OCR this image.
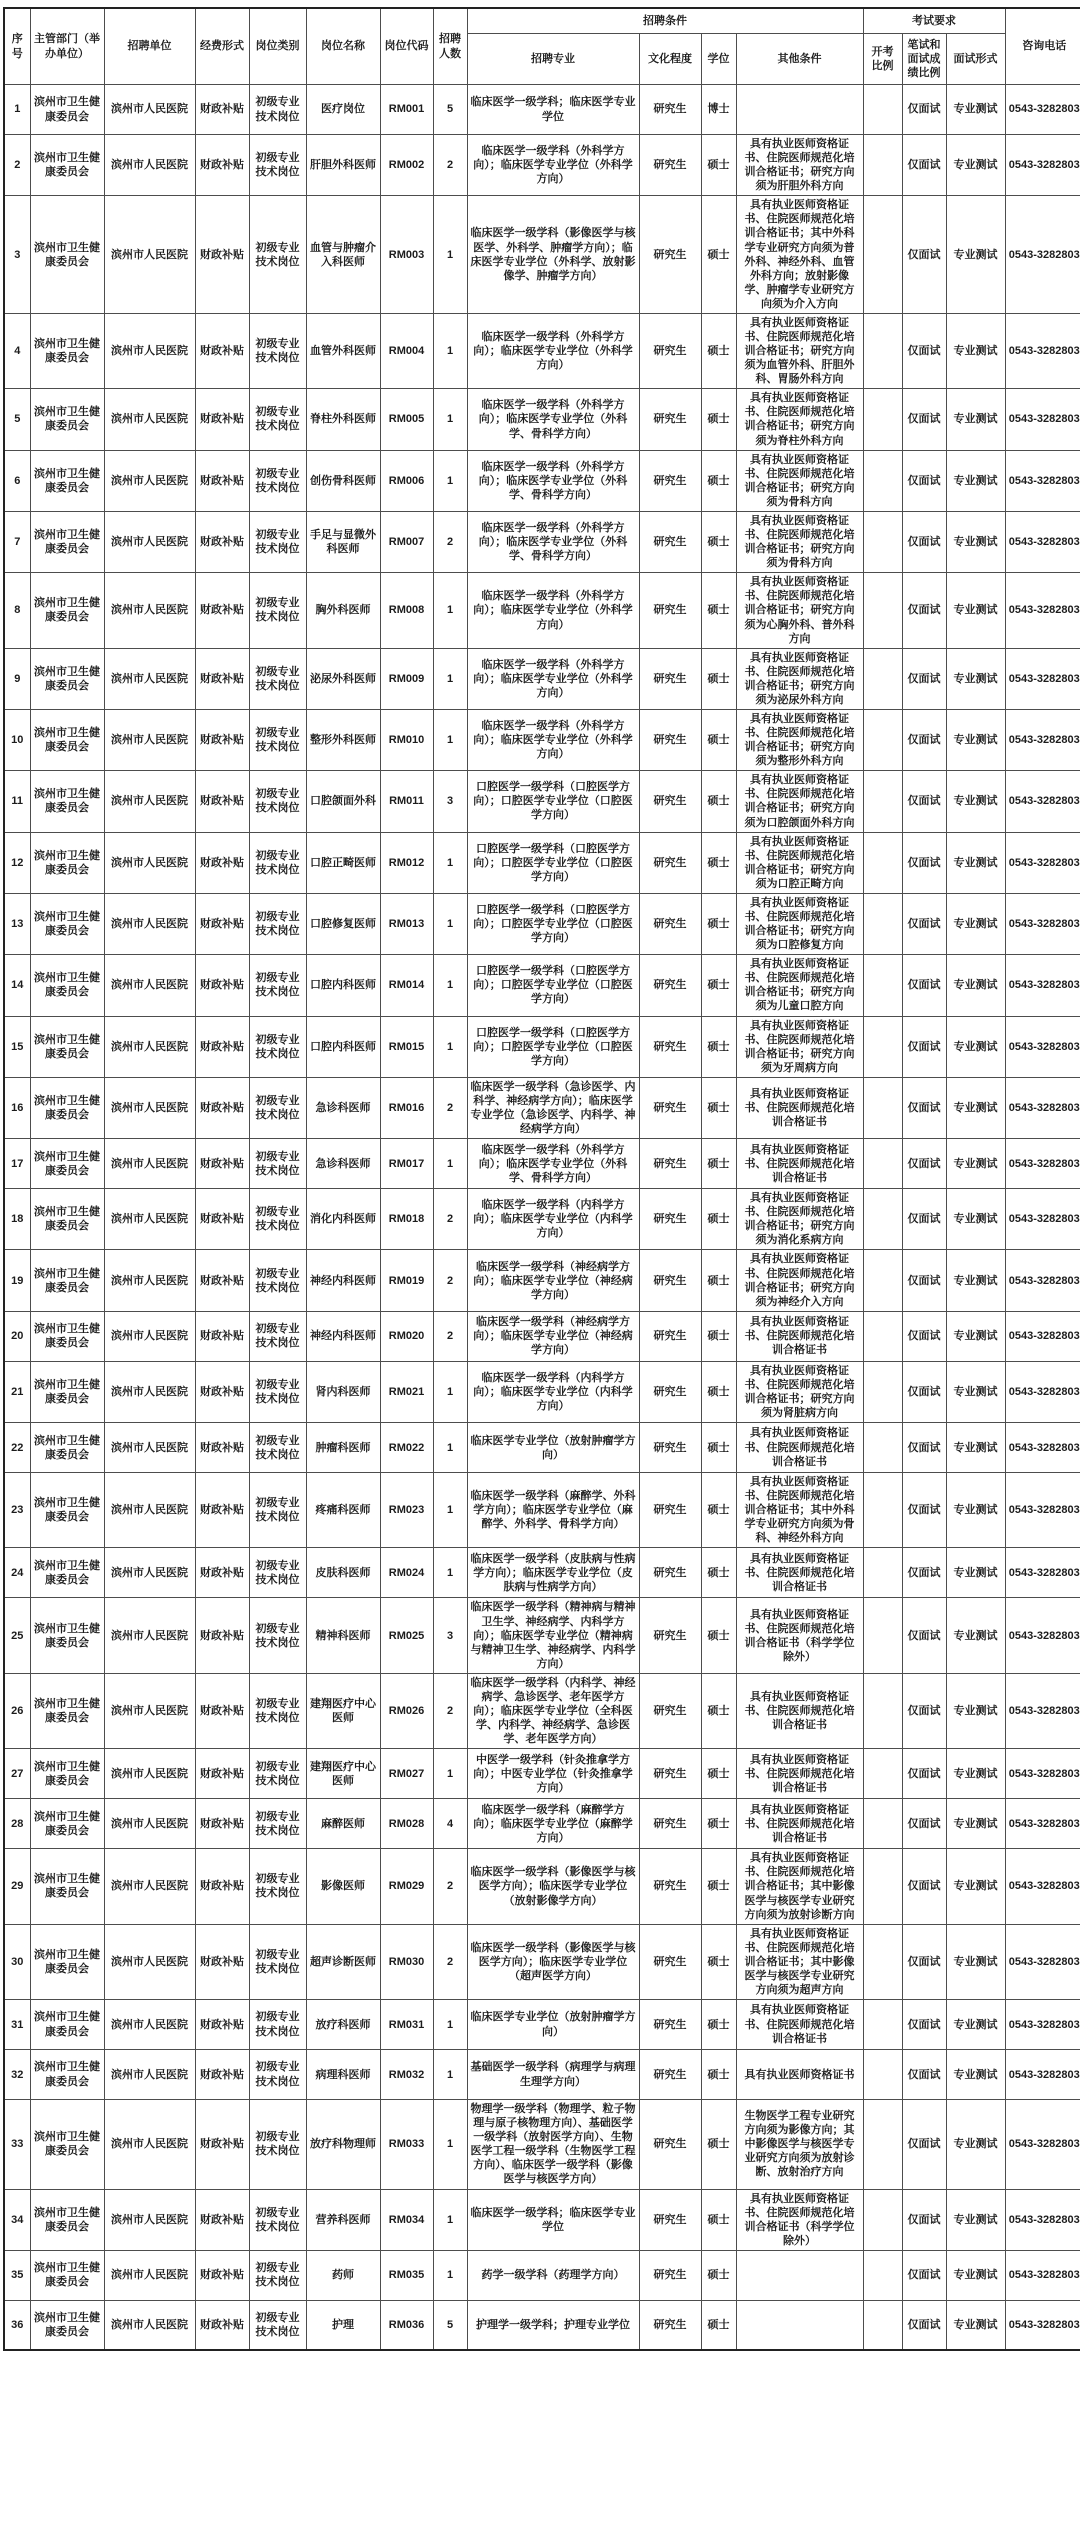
序号	主管部门（举办单位）	招聘单位	经费形式	岗位类别	岗位名称	岗位代码	招聘人数	招聘条件				考试要求			咨询电话
								招聘专业	文化程度	学位	其他条件	开考比例	笔试和面试成绩比例	面试形式	
1	滨州市卫生健康委员会	滨州市人民医院	财政补贴	初级专业技术岗位	医疗岗位	RM001	5	临床医学一级学科；临床医学专业学位	研究生	博士			仅面试	专业测试	0543-3282803
2	滨州市卫生健康委员会	滨州市人民医院	财政补贴	初级专业技术岗位	肝胆外科医师	RM002	2	临床医学一级学科（外科学方向）；临床医学专业学位（外科学方向）	研究生	硕士	具有执业医师资格证书、住院医师规范化培训合格证书；研究方向须为肝胆外科方向		仅面试	专业测试	0543-3282803
3	滨州市卫生健康委员会	滨州市人民医院	财政补贴	初级专业技术岗位	血管与肿瘤介入科医师	RM003	1	临床医学一级学科（影像医学与核医学、外科学、肿瘤学方向）；临床医学专业学位（外科学、放射影像学、肿瘤学方向）	研究生	硕士	具有执业医师资格证书、住院医师规范化培训合格证书；其中外科学专业研究方向须为普外科、神经外科、血管外科方向；放射影像学、肿瘤学专业研究方向须为介入方向		仅面试	专业测试	0543-3282803
4	滨州市卫生健康委员会	滨州市人民医院	财政补贴	初级专业技术岗位	血管外科医师	RM004	1	临床医学一级学科（外科学方向）；临床医学专业学位（外科学方向）	研究生	硕士	具有执业医师资格证书、住院医师规范化培训合格证书；研究方向须为血管外科、肝胆外科、胃肠外科方向		仅面试	专业测试	0543-3282803
5	滨州市卫生健康委员会	滨州市人民医院	财政补贴	初级专业技术岗位	脊柱外科医师	RM005	1	临床医学一级学科（外科学方向）；临床医学专业学位（外科学、骨科学方向）	研究生	硕士	具有执业医师资格证书、住院医师规范化培训合格证书；研究方向须为脊柱外科方向		仅面试	专业测试	0543-3282803
6	滨州市卫生健康委员会	滨州市人民医院	财政补贴	初级专业技术岗位	创伤骨科医师	RM006	1	临床医学一级学科（外科学方向）；临床医学专业学位（外科学、骨科学方向）	研究生	硕士	具有执业医师资格证书、住院医师规范化培训合格证书；研究方向须为骨科方向		仅面试	专业测试	0543-3282803
7	滨州市卫生健康委员会	滨州市人民医院	财政补贴	初级专业技术岗位	手足与显微外科医师	RM007	2	临床医学一级学科（外科学方向）；临床医学专业学位（外科学、骨科学方向）	研究生	硕士	具有执业医师资格证书、住院医师规范化培训合格证书；研究方向须为骨科方向		仅面试	专业测试	0543-3282803
8	滨州市卫生健康委员会	滨州市人民医院	财政补贴	初级专业技术岗位	胸外科医师	RM008	1	临床医学一级学科（外科学方向）；临床医学专业学位（外科学方向）	研究生	硕士	具有执业医师资格证书、住院医师规范化培训合格证书；研究方向须为心胸外科、普外科方向		仅面试	专业测试	0543-3282803
9	滨州市卫生健康委员会	滨州市人民医院	财政补贴	初级专业技术岗位	泌尿外科医师	RM009	1	临床医学一级学科（外科学方向）；临床医学专业学位（外科学方向）	研究生	硕士	具有执业医师资格证书、住院医师规范化培训合格证书；研究方向须为泌尿外科方向		仅面试	专业测试	0543-3282803
10	滨州市卫生健康委员会	滨州市人民医院	财政补贴	初级专业技术岗位	整形外科医师	RM010	1	临床医学一级学科（外科学方向）；临床医学专业学位（外科学方向）	研究生	硕士	具有执业医师资格证书、住院医师规范化培训合格证书；研究方向须为整形外科方向		仅面试	专业测试	0543-3282803
11	滨州市卫生健康委员会	滨州市人民医院	财政补贴	初级专业技术岗位	口腔颌面外科	RM011	3	口腔医学一级学科（口腔医学方向）；口腔医学专业学位（口腔医学方向）	研究生	硕士	具有执业医师资格证书、住院医师规范化培训合格证书；研究方向须为口腔颌面外科方向		仅面试	专业测试	0543-3282803
12	滨州市卫生健康委员会	滨州市人民医院	财政补贴	初级专业技术岗位	口腔正畸医师	RM012	1	口腔医学一级学科（口腔医学方向）；口腔医学专业学位（口腔医学方向）	研究生	硕士	具有执业医师资格证书、住院医师规范化培训合格证书；研究方向须为口腔正畸方向		仅面试	专业测试	0543-3282803
13	滨州市卫生健康委员会	滨州市人民医院	财政补贴	初级专业技术岗位	口腔修复医师	RM013	1	口腔医学一级学科（口腔医学方向）；口腔医学专业学位（口腔医学方向）	研究生	硕士	具有执业医师资格证书、住院医师规范化培训合格证书；研究方向须为口腔修复方向		仅面试	专业测试	0543-3282803
14	滨州市卫生健康委员会	滨州市人民医院	财政补贴	初级专业技术岗位	口腔内科医师	RM014	1	口腔医学一级学科（口腔医学方向）；口腔医学专业学位（口腔医学方向）	研究生	硕士	具有执业医师资格证书、住院医师规范化培训合格证书；研究方向须为儿童口腔方向		仅面试	专业测试	0543-3282803
15	滨州市卫生健康委员会	滨州市人民医院	财政补贴	初级专业技术岗位	口腔内科医师	RM015	1	口腔医学一级学科（口腔医学方向）；口腔医学专业学位（口腔医学方向）	研究生	硕士	具有执业医师资格证书、住院医师规范化培训合格证书；研究方向须为牙周病方向		仅面试	专业测试	0543-3282803
16	滨州市卫生健康委员会	滨州市人民医院	财政补贴	初级专业技术岗位	急诊科医师	RM016	2	临床医学一级学科（急诊医学、内科学、神经病学方向）；临床医学专业学位（急诊医学、内科学、神经病学方向）	研究生	硕士	具有执业医师资格证书、住院医师规范化培训合格证书		仅面试	专业测试	0543-3282803
17	滨州市卫生健康委员会	滨州市人民医院	财政补贴	初级专业技术岗位	急诊科医师	RM017	1	临床医学一级学科（外科学方向）；临床医学专业学位（外科学、骨科学方向）	研究生	硕士	具有执业医师资格证书、住院医师规范化培训合格证书		仅面试	专业测试	0543-3282803
18	滨州市卫生健康委员会	滨州市人民医院	财政补贴	初级专业技术岗位	消化内科医师	RM018	2	临床医学一级学科（内科学方向）；临床医学专业学位（内科学方向）	研究生	硕士	具有执业医师资格证书、住院医师规范化培训合格证书；研究方向须为消化系病方向		仅面试	专业测试	0543-3282803
19	滨州市卫生健康委员会	滨州市人民医院	财政补贴	初级专业技术岗位	神经内科医师	RM019	2	临床医学一级学科（神经病学方向）；临床医学专业学位（神经病学方向）	研究生	硕士	具有执业医师资格证书、住院医师规范化培训合格证书；研究方向须为神经介入方向		仅面试	专业测试	0543-3282803
20	滨州市卫生健康委员会	滨州市人民医院	财政补贴	初级专业技术岗位	神经内科医师	RM020	2	临床医学一级学科（神经病学方向）；临床医学专业学位（神经病学方向）	研究生	硕士	具有执业医师资格证书、住院医师规范化培训合格证书		仅面试	专业测试	0543-3282803
21	滨州市卫生健康委员会	滨州市人民医院	财政补贴	初级专业技术岗位	肾内科医师	RM021	1	临床医学一级学科（内科学方向）；临床医学专业学位（内科学方向）	研究生	硕士	具有执业医师资格证书、住院医师规范化培训合格证书；研究方向须为肾脏病方向		仅面试	专业测试	0543-3282803
22	滨州市卫生健康委员会	滨州市人民医院	财政补贴	初级专业技术岗位	肿瘤科医师	RM022	1	临床医学专业学位（放射肿瘤学方向）	研究生	硕士	具有执业医师资格证书、住院医师规范化培训合格证书		仅面试	专业测试	0543-3282803
23	滨州市卫生健康委员会	滨州市人民医院	财政补贴	初级专业技术岗位	疼痛科医师	RM023	1	临床医学一级学科（麻醉学、外科学方向）；临床医学专业学位（麻醉学、外科学、骨科学方向）	研究生	硕士	具有执业医师资格证书、住院医师规范化培训合格证书；其中外科学专业研究方向须为骨科、神经外科方向		仅面试	专业测试	0543-3282803
24	滨州市卫生健康委员会	滨州市人民医院	财政补贴	初级专业技术岗位	皮肤科医师	RM024	1	临床医学一级学科（皮肤病与性病学方向）；临床医学专业学位（皮肤病与性病学方向）	研究生	硕士	具有执业医师资格证书、住院医师规范化培训合格证书		仅面试	专业测试	0543-3282803
25	滨州市卫生健康委员会	滨州市人民医院	财政补贴	初级专业技术岗位	精神科医师	RM025	3	临床医学一级学科（精神病与精神卫生学、神经病学、内科学方向）；临床医学专业学位（精神病与精神卫生学、神经病学、内科学方向）	研究生	硕士	具有执业医师资格证书、住院医师规范化培训合格证书（科学学位除外）		仅面试	专业测试	0543-3282803
26	滨州市卫生健康委员会	滨州市人民医院	财政补贴	初级专业技术岗位	建翔医疗中心医师	RM026	2	临床医学一级学科（内科学、神经病学、急诊医学、老年医学方向）；临床医学专业学位（全科医学、内科学、神经病学、急诊医学、老年医学方向）	研究生	硕士	具有执业医师资格证书、住院医师规范化培训合格证书		仅面试	专业测试	0543-3282803
27	滨州市卫生健康委员会	滨州市人民医院	财政补贴	初级专业技术岗位	建翔医疗中心医师	RM027	1	中医学一级学科（针灸推拿学方向）；中医专业学位（针灸推拿学方向）	研究生	硕士	具有执业医师资格证书、住院医师规范化培训合格证书		仅面试	专业测试	0543-3282803
28	滨州市卫生健康委员会	滨州市人民医院	财政补贴	初级专业技术岗位	麻醉医师	RM028	4	临床医学一级学科（麻醉学方向）；临床医学专业学位（麻醉学方向）	研究生	硕士	具有执业医师资格证书、住院医师规范化培训合格证书		仅面试	专业测试	0543-3282803
29	滨州市卫生健康委员会	滨州市人民医院	财政补贴	初级专业技术岗位	影像医师	RM029	2	临床医学一级学科（影像医学与核医学方向）；临床医学专业学位（放射影像学方向）	研究生	硕士	具有执业医师资格证书、住院医师规范化培训合格证书；其中影像医学与核医学专业研究方向须为放射诊断方向		仅面试	专业测试	0543-3282803
30	滨州市卫生健康委员会	滨州市人民医院	财政补贴	初级专业技术岗位	超声诊断医师	RM030	2	临床医学一级学科（影像医学与核医学方向）；临床医学专业学位（超声医学方向）	研究生	硕士	具有执业医师资格证书、住院医师规范化培训合格证书；其中影像医学与核医学专业研究方向须为超声方向		仅面试	专业测试	0543-3282803
31	滨州市卫生健康委员会	滨州市人民医院	财政补贴	初级专业技术岗位	放疗科医师	RM031	1	临床医学专业学位（放射肿瘤学方向）	研究生	硕士	具有执业医师资格证书、住院医师规范化培训合格证书		仅面试	专业测试	0543-3282803
32	滨州市卫生健康委员会	滨州市人民医院	财政补贴	初级专业技术岗位	病理科医师	RM032	1	基础医学一级学科（病理学与病理生理学方向）	研究生	硕士	具有执业医师资格证书		仅面试	专业测试	0543-3282803
33	滨州市卫生健康委员会	滨州市人民医院	财政补贴	初级专业技术岗位	放疗科物理师	RM033	1	物理学一级学科（物理学、粒子物理与原子核物理方向）、基础医学一级学科（放射医学方向）、生物医学工程一级学科（生物医学工程方向）、临床医学一级学科（影像医学与核医学方向）	研究生	硕士	生物医学工程专业研究方向须为影像方向；其中影像医学与核医学专业研究方向须为放射诊断、放射治疗方向		仅面试	专业测试	0543-3282803
34	滨州市卫生健康委员会	滨州市人民医院	财政补贴	初级专业技术岗位	营养科医师	RM034	1	临床医学一级学科；临床医学专业学位	研究生	硕士	具有执业医师资格证书、住院医师规范化培训合格证书（科学学位除外）		仅面试	专业测试	0543-3282803
35	滨州市卫生健康委员会	滨州市人民医院	财政补贴	初级专业技术岗位	药师	RM035	1	药学一级学科（药理学方向）	研究生	硕士			仅面试	专业测试	0543-3282803
36	滨州市卫生健康委员会	滨州市人民医院	财政补贴	初级专业技术岗位	护理	RM036	5	护理学一级学科；护理专业学位	研究生	硕士			仅面试	专业测试	0543-3282803
